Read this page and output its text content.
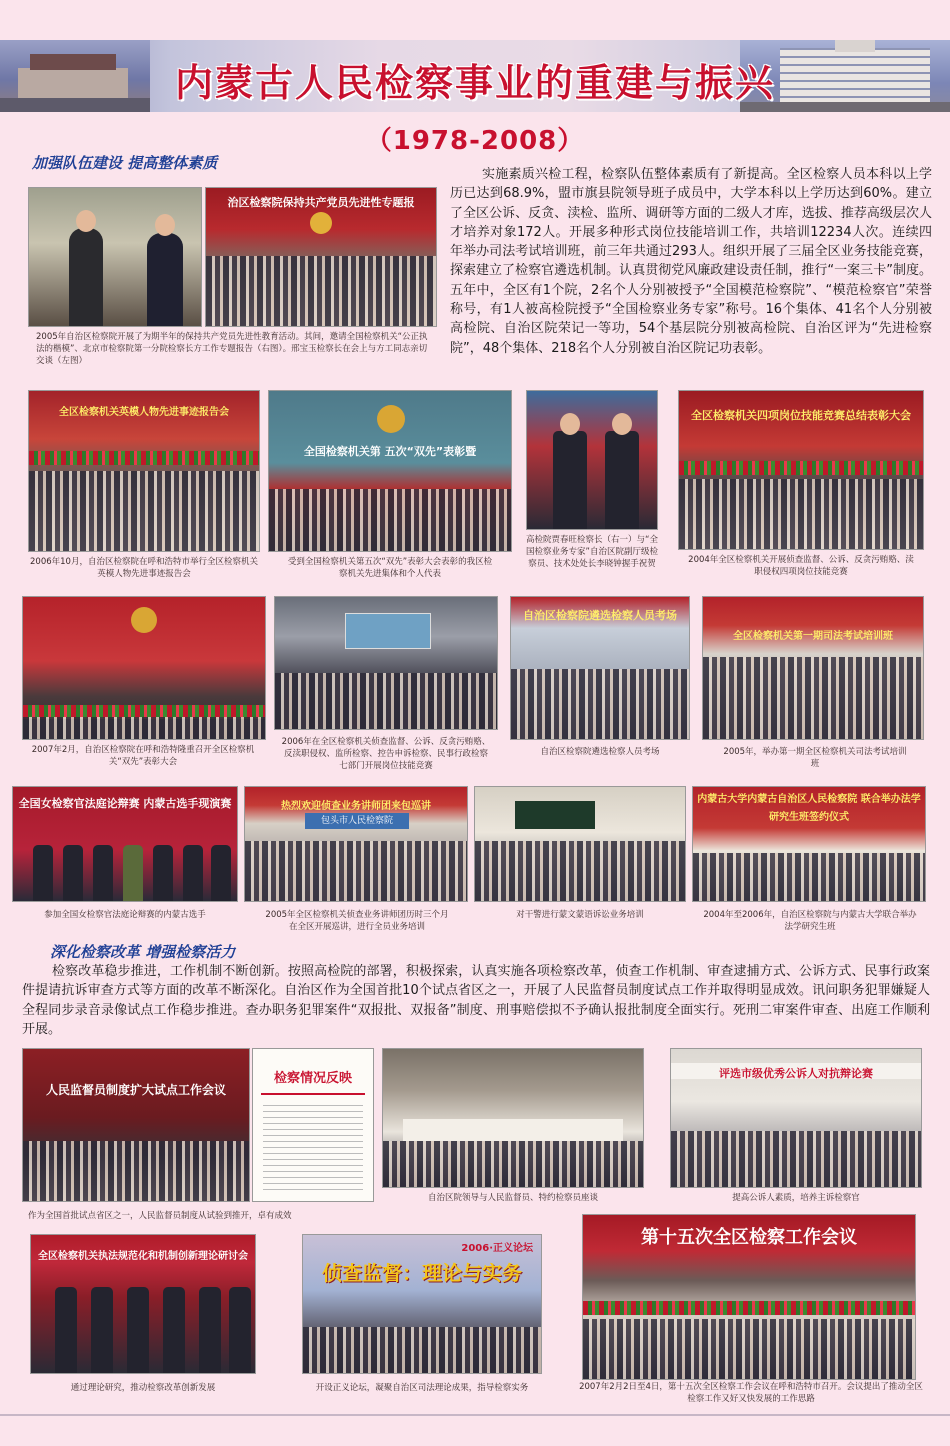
内蒙古人民检察事业的重建与振兴
（1978-2008）
加强队伍建设 提高整体素质
治区检察院保持共产党员先进性专题报
2005年自治区检察院开展了为期半年的保持共产党员先进性教育活动。其间，邀请全国检察机关“公正执法的楷模”、北京市检察院第一分院检察长方工作专题报告（右图）。邢宝玉检察长在会上与方工同志亲切交谈（左图）
实施素质兴检工程，检察队伍整体素质有了新提高。全区检察人员本科以上学历已达到68.9%，盟市旗县院领导班子成员中，大学本科以上学历达到60%。建立了全区公诉、反贪、渎检、监所、调研等方面的二级人才库，选拔、推荐高级层次人才培养对象172人。开展多种形式岗位技能培训工作，共培训12234人次。连续四年举办司法考试培训班，前三年共通过293人。组织开展了三届全区业务技能竞赛，探索建立了检察官遴选机制。认真贯彻党风廉政建设责任制，推行“一案三卡”制度。五年中，全区有1个院，2名个人分别被授予“全国模范检察院”、“模范检察官”荣誉称号，有1人被高检院授予“全国检察业务专家”称号。16个集体、41名个人分别被高检院、自治区院荣记一等功，54个基层院分别被高检院、自治区评为“先进检察院”，48个集体、218名个人分别被自治区院记功表彰。
全区检察机关英模人物先进事迹报告会
2006年10月，自治区检察院在呼和浩特市举行全区检察机关英模人物先进事迹报告会
全国检察机关第 五次“双先”表彰暨
受到全国检察机关第五次“双先”表彰大会表彰的我区检察机关先进集体和个人代表
高检院贾春旺检察长（右一）与“全国检察业务专家”自治区院副厅级检察员、技术处处长李晓钟握手祝贺
全区检察机关四项岗位技能竞赛总结表彰大会
2004年全区检察机关开展侦查监督、公诉、反贪污贿赂、渎职侵权四项岗位技能竞赛
2007年2月，自治区检察院在呼和浩特隆重召开全区检察机关“双先”表彰大会
2006年在全区检察机关侦查监督、公诉、反贪污贿赂、反渎职侵权、监所检察、控告申诉检察、民事行政检察七部门开展岗位技能竞赛
自治区检察院遴选检察人员考场
自治区检察院遴选检察人员考场
全区检察机关第一期司法考试培训班
2005年，举办第一期全区检察机关司法考试培训班
全国女检察官法庭论辩赛 内蒙古选手现演赛
参加全国女检察官法庭论辩赛的内蒙古选手
热烈欢迎侦查业务讲师团来包巡讲
包头市人民检察院
2005年全区检察机关侦查业务讲师团历时三个月在全区开展巡讲，进行全员业务培训
对干警进行蒙文蒙语诉讼业务培训
内蒙古大学内蒙古自治区人民检察院 联合举办法学研究生班签约仪式
2004年至2006年，自治区检察院与内蒙古大学联合举办法学研究生班
深化检察改革 增强检察活力
检察改革稳步推进，工作机制不断创新。按照高检院的部署，积极探索，认真实施各项检察改革，侦查工作机制、审查逮捕方式、公诉方式、民事行政案件提请抗诉审查方式等方面的改革不断深化。自治区作为全国首批10个试点省区之一，开展了人民监督员制度试点工作并取得明显成效。讯问职务犯罪嫌疑人全程同步录音录像试点工作稳步推进。查办职务犯罪案件“双报批、双报备”制度、刑事赔偿拟不予确认报批制度全面实行。死刑二审案件审查、出庭工作顺利开展。
人民监督员制度扩大试点工作会议
检察情况反映
作为全国首批试点省区之一，人民监督员制度从试验到推开，卓有成效
自治区院领导与人民监督员、特约检察员座谈
评选市级优秀公诉人对抗辩论赛
提高公诉人素质，培养主诉检察官
全区检察机关执法规范化和机制创新理论研讨会
通过理论研究，推动检察改革创新发展
2006·正义论坛
侦查监督：理论与实务
开设正义论坛，凝聚自治区司法理论成果，指导检察实务
第十五次全区检察工作会议
2007年2月2日至4日，第十五次全区检察工作会议在呼和浩特市召开。会议提出了推动全区检察工作又好又快发展的工作思路
